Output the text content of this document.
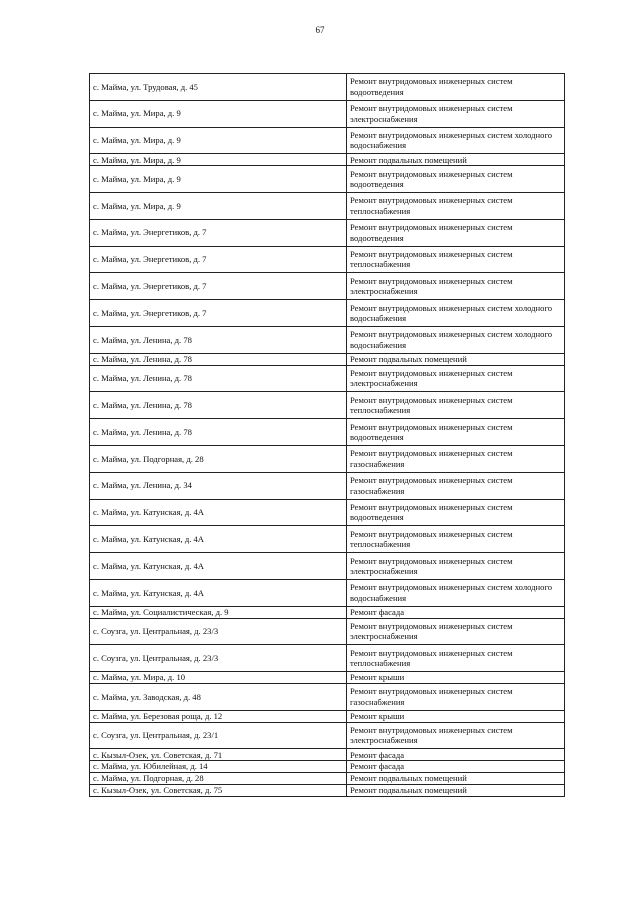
67
с. Майма, ул. Трудовая, д. 45	Ремонт внутридомовых инженерных систем водоотведения
с. Майма, ул. Мира, д. 9	Ремонт внутридомовых инженерных систем электроснабжения
с. Майма, ул. Мира, д. 9	Ремонт внутридомовых инженерных систем холодного водоснабжения
с. Майма, ул. Мира, д. 9	Ремонт подвальных помещений
с. Майма, ул. Мира, д. 9	Ремонт внутридомовых инженерных систем водоотведения
с. Майма, ул. Мира, д. 9	Ремонт внутридомовых инженерных систем теплоснабжения
с. Майма, ул. Энергетиков, д. 7	Ремонт внутридомовых инженерных систем водоотведения
с. Майма, ул. Энергетиков, д. 7	Ремонт внутридомовых инженерных систем теплоснабжения
с. Майма, ул. Энергетиков, д. 7	Ремонт внутридомовых инженерных систем электроснабжения
с. Майма, ул. Энергетиков, д. 7	Ремонт внутридомовых инженерных систем холодного водоснабжения
с. Майма, ул. Ленина, д. 78	Ремонт внутридомовых инженерных систем холодного водоснабжения
с. Майма, ул. Ленина, д. 78	Ремонт подвальных помещений
с. Майма, ул. Ленина, д. 78	Ремонт внутридомовых инженерных систем электроснабжения
с. Майма, ул. Ленина, д. 78	Ремонт внутридомовых инженерных систем теплоснабжения
с. Майма, ул. Ленина, д. 78	Ремонт внутридомовых инженерных систем водоотведения
с. Майма, ул. Подгорная, д. 28	Ремонт внутридомовых инженерных систем газоснабжения
с. Майма, ул. Ленина, д. 34	Ремонт внутридомовых инженерных систем газоснабжения
с. Майма, ул. Катунская, д. 4А	Ремонт внутридомовых инженерных систем водоотведения
с. Майма, ул. Катунская, д. 4А	Ремонт внутридомовых инженерных систем теплоснабжения
с. Майма, ул. Катунская, д. 4А	Ремонт внутридомовых инженерных систем электроснабжения
с. Майма, ул. Катунская, д. 4А	Ремонт внутридомовых инженерных систем холодного водоснабжения
с. Майма, ул. Социалистическая, д. 9	Ремонт фасада
с. Соузга, ул. Центральная, д. 23/3	Ремонт внутридомовых инженерных систем электроснабжения
с. Соузга, ул. Центральная, д. 23/3	Ремонт внутридомовых инженерных систем теплоснабжения
с. Майма, ул. Мира, д. 10	Ремонт крыши
с. Майма, ул. Заводская, д. 48	Ремонт внутридомовых инженерных систем газоснабжения
с. Майма, ул. Березовая роща, д. 12	Ремонт крыши
с. Соузга, ул. Центральная, д. 23/1	Ремонт внутридомовых инженерных систем электроснабжения
с. Кызыл-Озек, ул. Советская, д. 71	Ремонт фасада
с. Майма, ул. Юбилейная, д. 14	Ремонт фасада
с. Майма, ул. Подгорная, д. 28	Ремонт подвальных помещений
с. Кызыл-Озек, ул. Советская, д. 75	Ремонт подвальных помещений
